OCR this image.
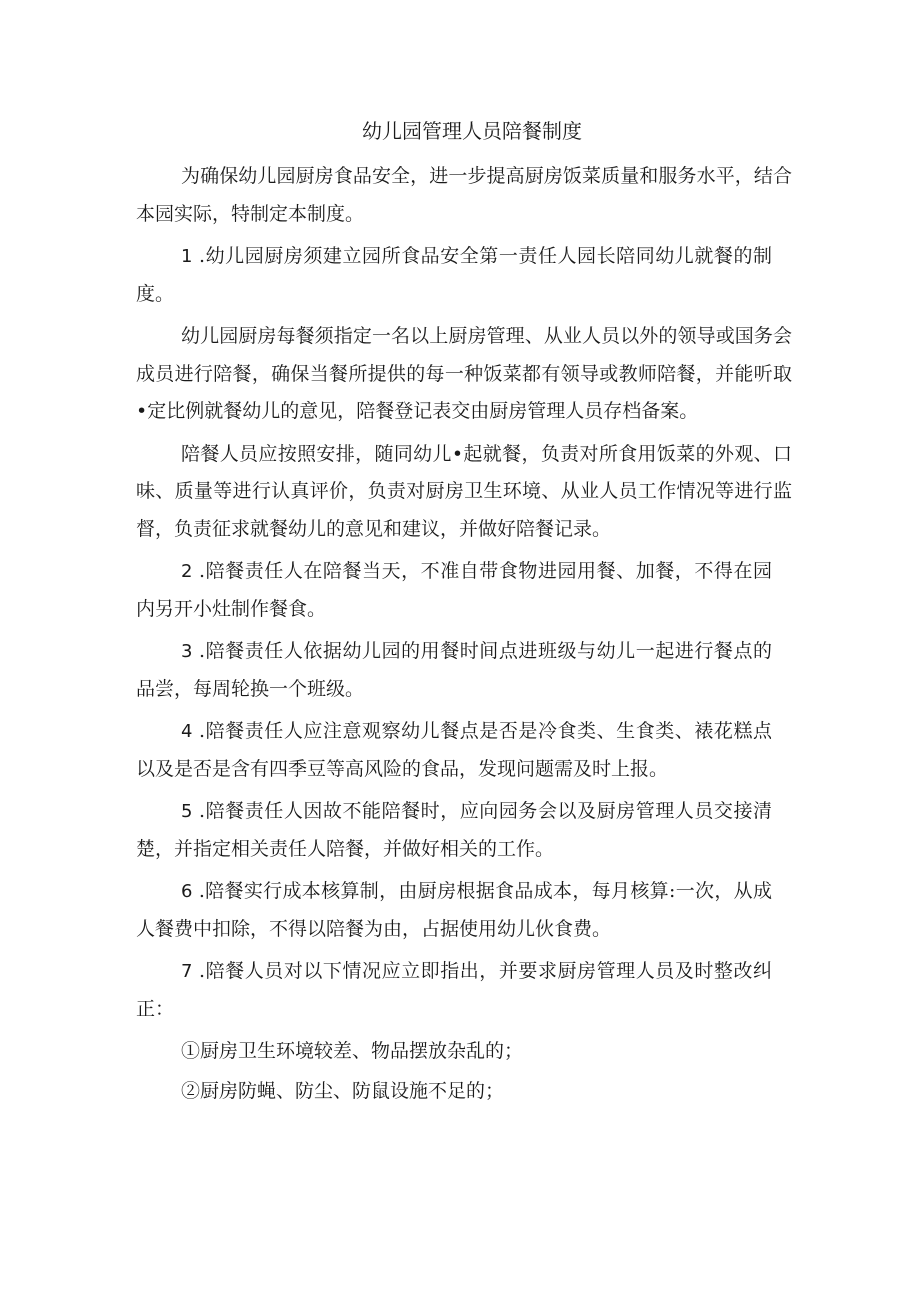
幼儿园管理人员陪餐制度

为确保幼儿园厨房食品安全，进一步提高厨房饭菜质量和服务水平，结合本园实际，特制定本制度。

1 .幼儿园厨房须建立园所食品安全第一责任人园长陪同幼儿就餐的制度。

幼儿园厨房每餐须指定一名以上厨房管理、从业人员以外的领导或国务会成员进行陪餐，确保当餐所提供的每一种饭菜都有领导或教师陪餐，并能听取•定比例就餐幼儿的意见，陪餐登记表交由厨房管理人员存档备案。

陪餐人员应按照安排，随同幼儿•起就餐，负责对所食用饭菜的外观、口味、质量等进行认真评价，负责对厨房卫生环境、从业人员工作情况等进行监督，负责征求就餐幼儿的意见和建议，并做好陪餐记录。

2 .陪餐责任人在陪餐当天，不准自带食物进园用餐、加餐，不得在园内另开小灶制作餐食。

3 .陪餐责任人依据幼儿园的用餐时间点进班级与幼儿一起进行餐点的品尝，每周轮换一个班级。

4 .陪餐责任人应注意观察幼儿餐点是否是冷食类、生食类、裱花糕点以及是否是含有四季豆等高风险的食品，发现问题需及时上报。

5 .陪餐责任人因故不能陪餐时，应向园务会以及厨房管理人员交接清楚，并指定相关责任人陪餐，并做好相关的工作。

6 .陪餐实行成本核算制，由厨房根据食品成本，每月核算:一次，从成人餐费中扣除，不得以陪餐为由，占据使用幼儿伙食费。

7 .陪餐人员对以下情况应立即指出，并要求厨房管理人员及时整改纠正：

①厨房卫生环境较差、物品摆放杂乱的；

②厨房防蝇、防尘、防鼠设施不足的；
